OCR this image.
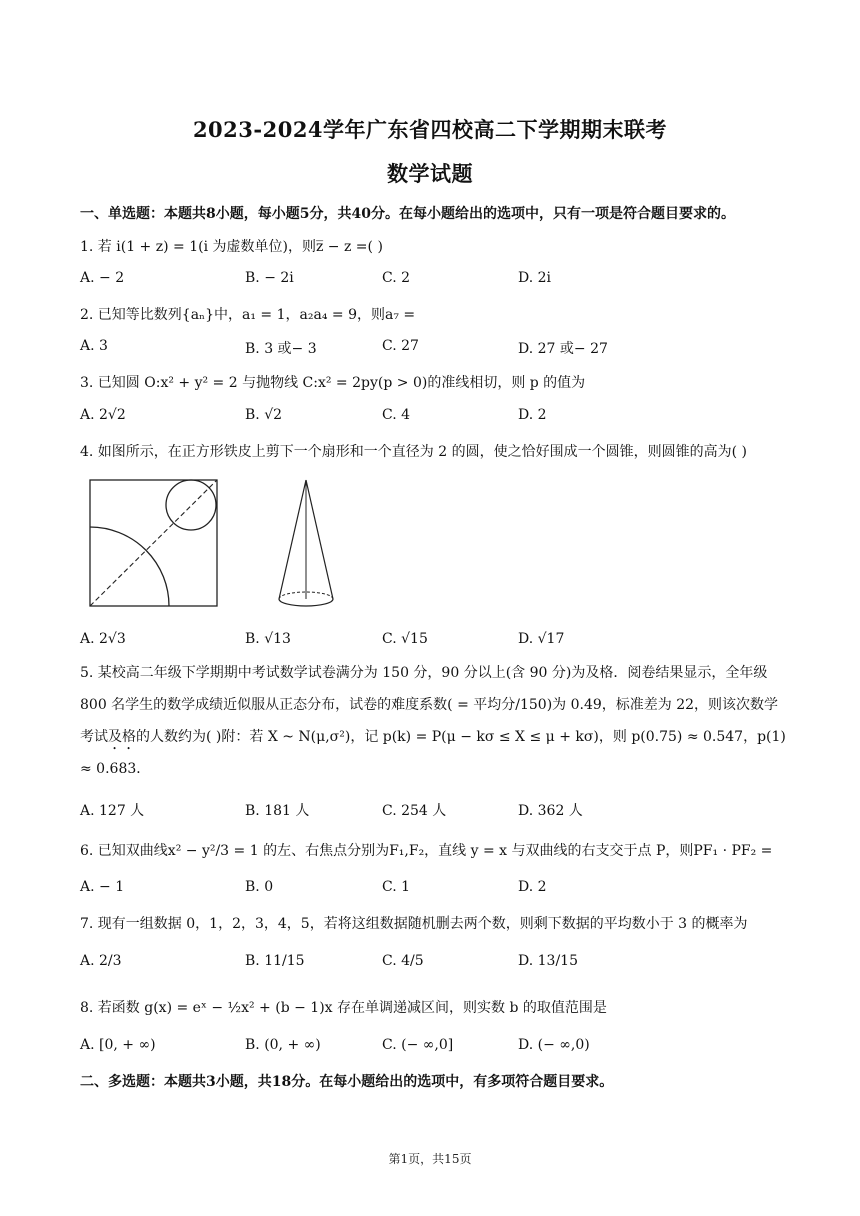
2023-2024学年广东省四校高二下学期期末联考
数学试题
一、单选题：本题共8小题，每小题5分，共40分。在每小题给出的选项中，只有一项是符合题目要求的。
1. 若 i(1 + z) = 1(i 为虚数单位)，则z̅ − z =( )
A. − 2	B. − 2i	C. 2	D. 2i
2. 已知等比数列{aₙ}中，a₁ = 1，a₂a₄ = 9，则a₇ =
A. 3	B. 3 或− 3	C. 27	D. 27 或− 27
3. 已知圆 O:x² + y² = 2 与抛物线 C:x² = 2py(p > 0)的准线相切，则 p 的值为
A. 2√2	B. √2	C. 4	D. 2
4. 如图所示，在正方形铁皮上剪下一个扇形和一个直径为 2 的圆，使之恰好围成一个圆锥，则圆锥的高为( )
A. 2√3	B. √13	C. √15	D. √17
5. 某校高二年级下学期期中考试数学试卷满分为 150 分，90 分以上(含 90 分)为及格．阅卷结果显示，全年级 800 名学生的数学成绩近似服从正态分布，试卷的难度系数( = 平均分/150)为 0.49，标准差为 22，则该次数学考试及格的人数约为( )附：若 X ~ N(μ,σ²)，记 p(k) = P(μ − kσ ≤ X ≤ μ + kσ)，则 p(0.75) ≈ 0.547，p(1) ≈ 0.683．
A. 127 人	B. 181 人	C. 254 人	D. 362 人
6. 已知双曲线x² − y²/3 = 1 的左、右焦点分别为F₁,F₂，直线 y = x 与双曲线的右支交于点 P，则PF₁ · PF₂ =
A. − 1	B. 0	C. 1	D. 2
7. 现有一组数据 0，1，2，3，4，5，若将这组数据随机删去两个数，则剩下数据的平均数小于 3 的概率为
A. 2/3	B. 11/15	C. 4/5	D. 13/15
8. 若函数 g(x) = eˣ − ½x² + (b − 1)x 存在单调递减区间，则实数 b 的取值范围是
A. [0, + ∞)	B. (0, + ∞)	C. (− ∞,0]	D. (− ∞,0)
二、多选题：本题共3小题，共18分。在每小题给出的选项中，有多项符合题目要求。
第1页，共15页
